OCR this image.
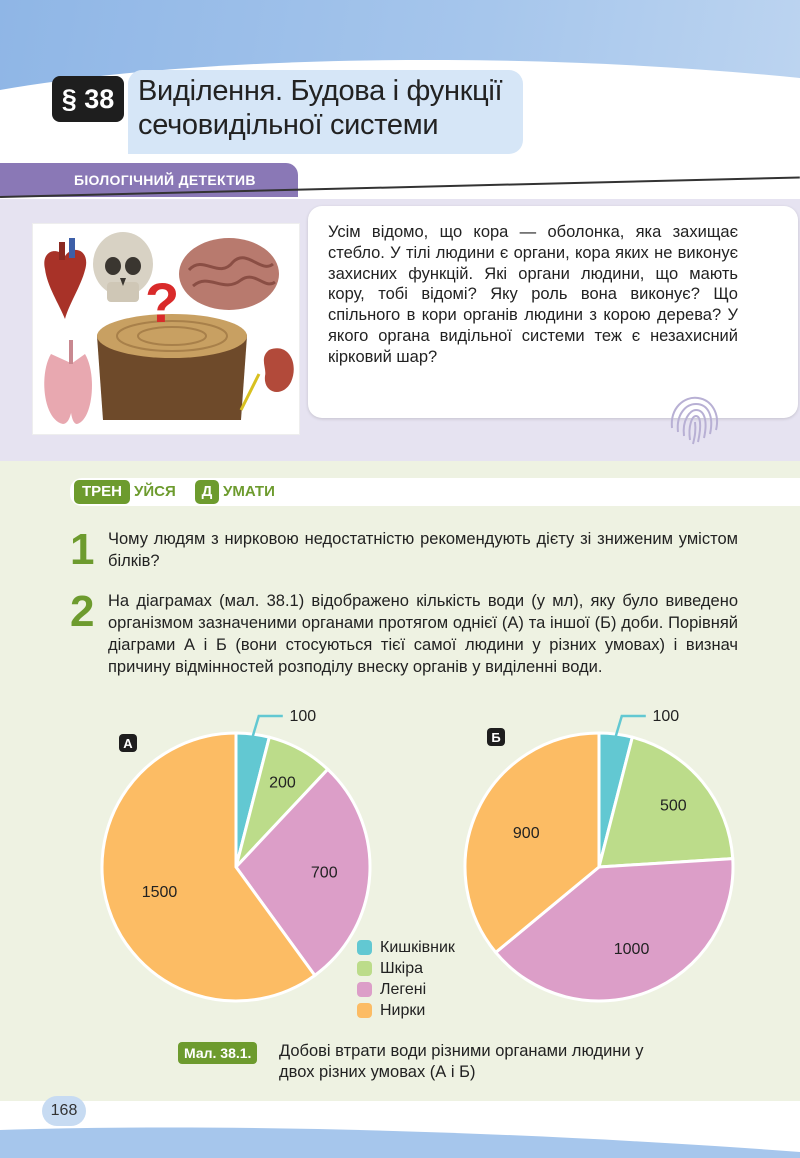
§ 38 Виділення. Будова і функції сечовидільної системи
БІОЛОГІЧНИЙ ДЕТЕКТИВ
?

Усім відомо, що кора — оболонка, яка захищає стебло. У тілі людини є органи, кора яких не виконує захисних функцій. Які органи людини, що мають кору, тобі відомі? Яку роль вона виконує? Що спільного в кори органів людини з корою дерева? У якого органа видільної системи теж є незахисний кірковий шар?

ТРЕН УЙСЯ	Д УМАТИ
1 Чому людям з нирковою недостатністю рекомендують дієту зі зниженим умістом білків?

2 На діаграмах (мал. 38.1) відображено кількість води (у мл), яку було виведено організмом зазначеними органами протягом однієї (А) та іншої (Б) доби. Порівняй діаграми А і Б (вони стосуються тієї самої людини у різних умовах) і визнач причину відмінностей розподілу внеску органів у виділенні води.

100
200
700
1500
А
100
500
1000
900
Б
Кишківник
Шкіра
Легені
Нирки
Мал. 38.1.	Добові втрати води різними органами людини у двох різних умовах (А і Б)

168
